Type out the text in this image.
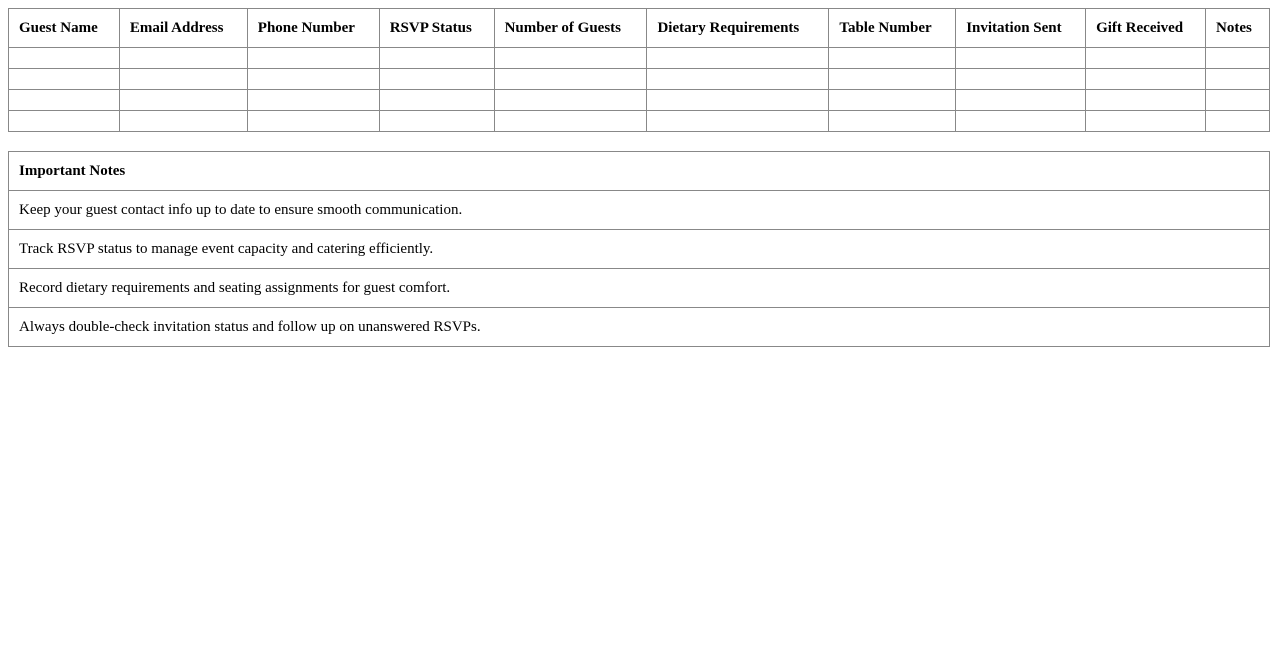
Guest Name	Email Address	Phone Number	RSVP Status	Number of Guests	Dietary Requirements	Table Number	Invitation Sent	Gift Received	Notes

Important Notes
Keep your guest contact info up to date to ensure smooth communication.
Track RSVP status to manage event capacity and catering efficiently.
Record dietary requirements and seating assignments for guest comfort.
Always double-check invitation status and follow up on unanswered RSVPs.
